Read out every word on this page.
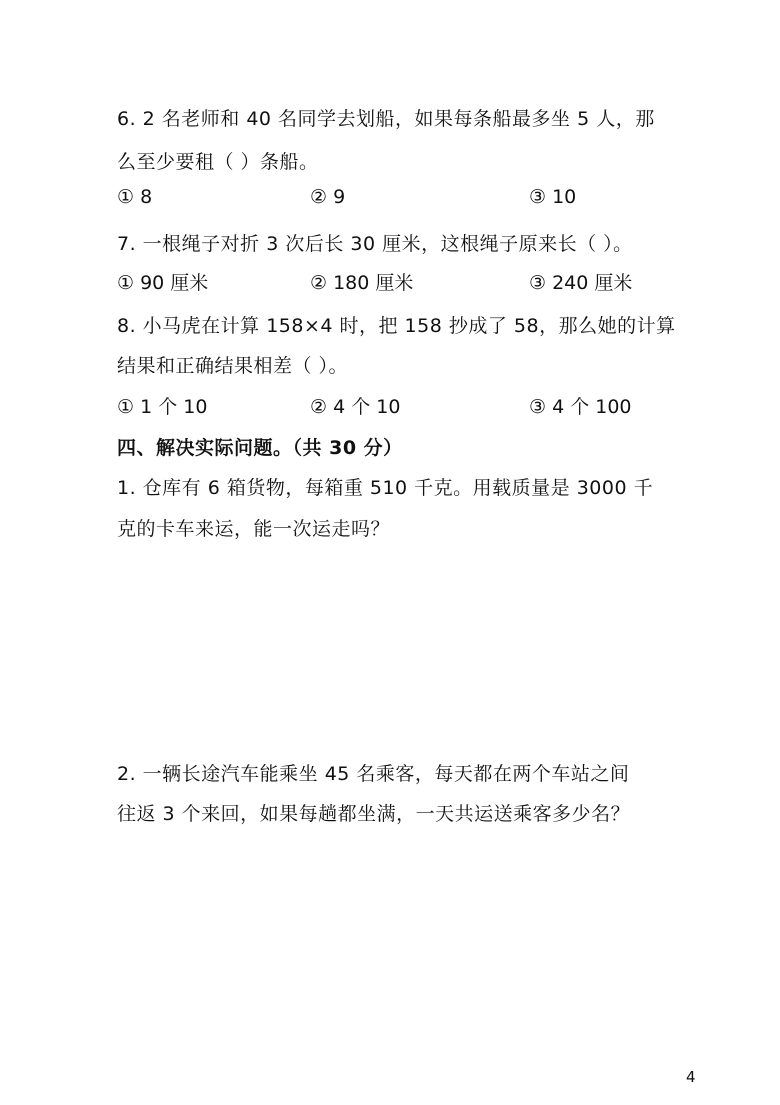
6. 2 名老师和 40 名同学去划船，如果每条船最多坐 5 人，那
么至少要租（ ）条船。
① 8	② 9	③ 10
7. 一根绳子对折 3 次后长 30 厘米，这根绳子原来长（ ）。
① 90 厘米	② 180 厘米	③ 240 厘米
8. 小马虎在计算 158×4 时，把 158 抄成了 58，那么她的计算
结果和正确结果相差（ ）。
① 1 个 10	② 4 个 10	③ 4 个 100
四、解决实际问题。（共 30 分）
1. 仓库有 6 箱货物，每箱重 510 千克。用载质量是 3000 千
克的卡车来运，能一次运走吗？
2. 一辆长途汽车能乘坐 45 名乘客，每天都在两个车站之间
往返 3 个来回，如果每趟都坐满，一天共运送乘客多少名？
4
